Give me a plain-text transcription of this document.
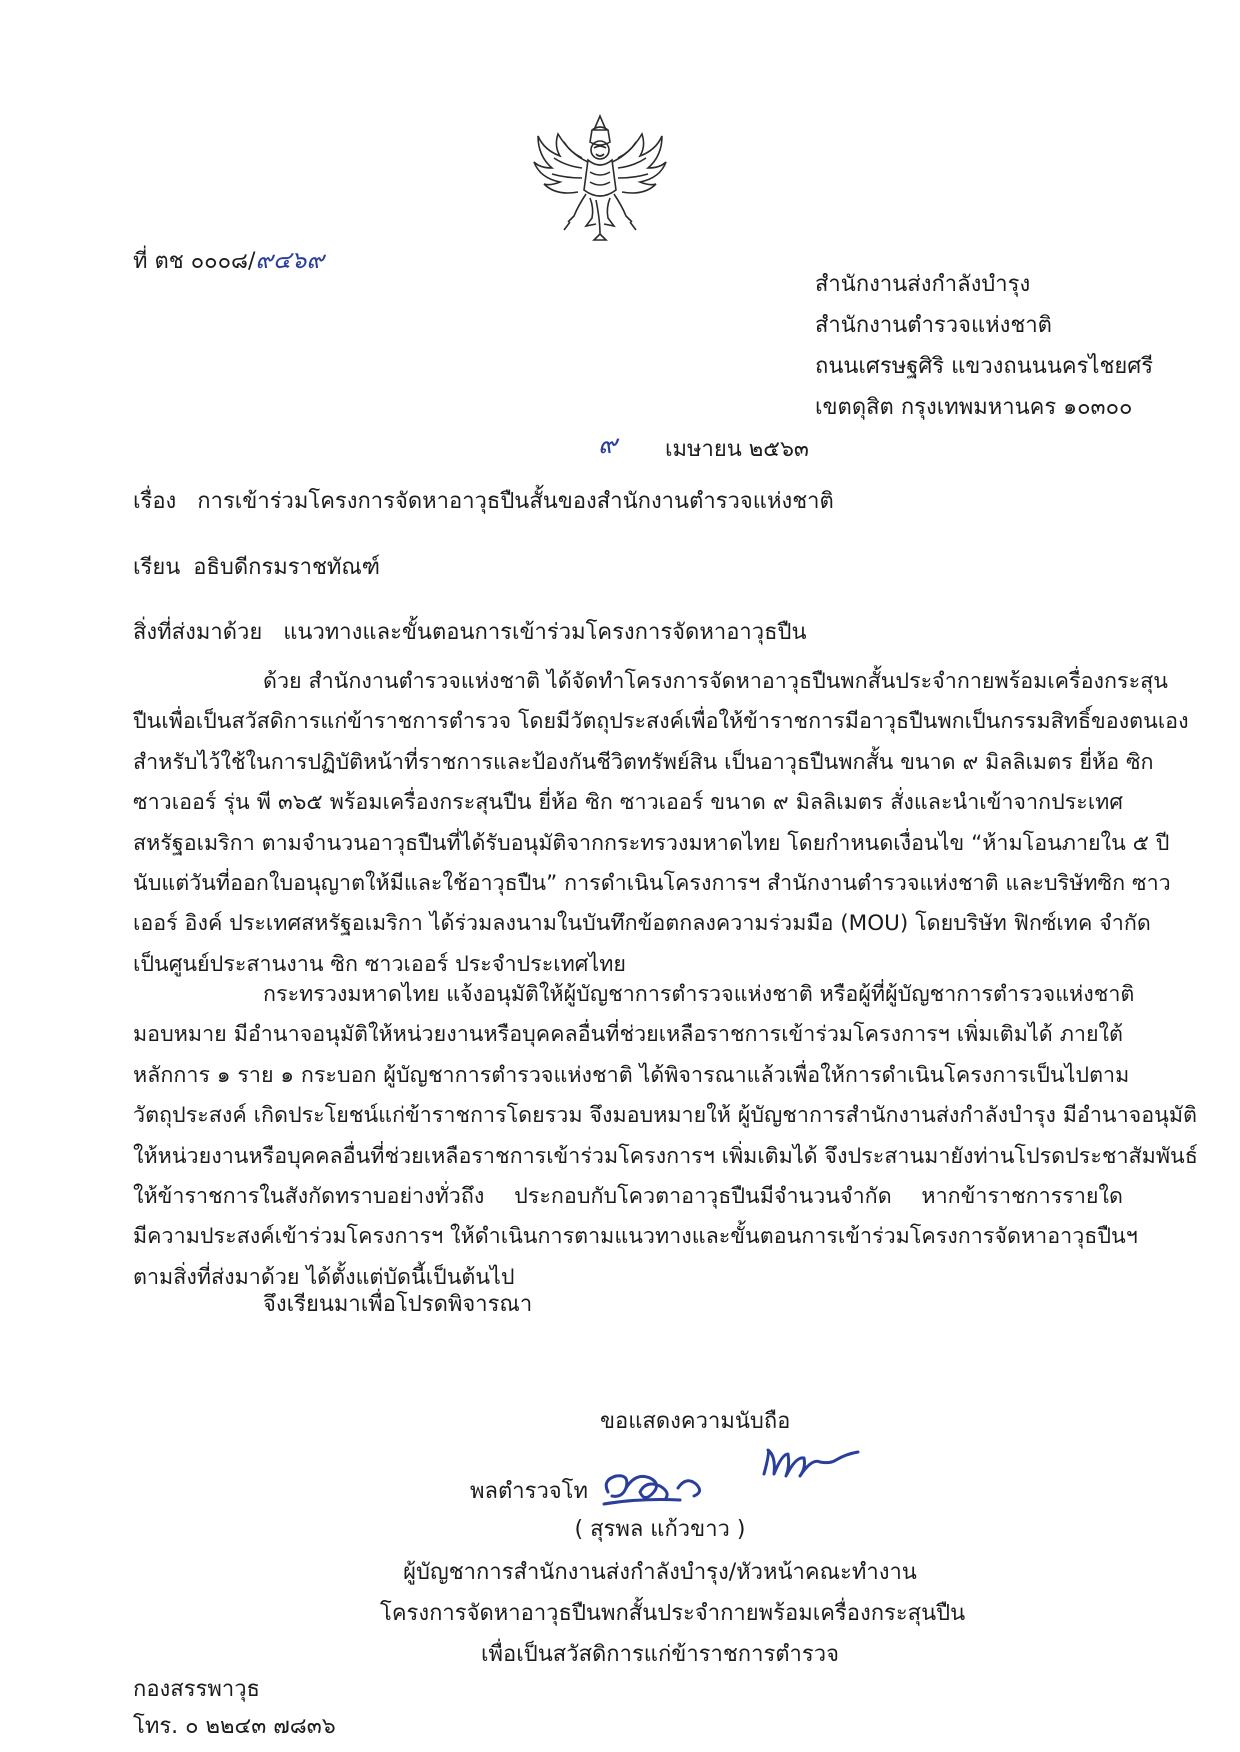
ที่ ตช ๐๐๐๘/๙๔๖๙
สำนักงานส่งกำลังบำรุง
สำนักงานตำรวจแห่งชาติ
ถนนเศรษฐศิริ แขวงถนนนครไชยศรี
เขตดุสิต กรุงเทพมหานคร ๑๐๓๐๐
๙ เมษายน ๒๕๖๓
เรื่อง การเข้าร่วมโครงการจัดหาอาวุธปืนสั้นของสำนักงานตำรวจแห่งชาติ
เรียน อธิบดีกรมราชทัณฑ์
สิ่งที่ส่งมาด้วย แนวทางและขั้นตอนการเข้าร่วมโครงการจัดหาอาวุธปืน
ด้วย สำนักงานตำรวจแห่งชาติ ได้จัดทำโครงการจัดหาอาวุธปืนพกสั้นประจำกายพร้อมเครื่องกระสุน
ปืนเพื่อเป็นสวัสดิการแก่ข้าราชการตำรวจ โดยมีวัตถุประสงค์เพื่อให้ข้าราชการมีอาวุธปืนพกเป็นกรรมสิทธิ์ของตนเอง
สำหรับไว้ใช้ในการปฏิบัติหน้าที่ราชการและป้องกันชีวิตทรัพย์สิน เป็นอาวุธปืนพกสั้น ขนาด ๙ มิลลิเมตร ยี่ห้อ ซิก
ซาวเออร์ รุ่น พี ๓๖๕ พร้อมเครื่องกระสุนปืน ยี่ห้อ ซิก ซาวเออร์ ขนาด ๙ มิลลิเมตร สั่งและนำเข้าจากประเทศ
สหรัฐอเมริกา ตามจำนวนอาวุธปืนที่ได้รับอนุมัติจากกระทรวงมหาดไทย โดยกำหนดเงื่อนไข “ห้ามโอนภายใน ๕ ปี
นับแต่วันที่ออกใบอนุญาตให้มีและใช้อาวุธปืน” การดำเนินโครงการฯ สำนักงานตำรวจแห่งชาติ และบริษัทซิก ซาว
เออร์ อิงค์ ประเทศสหรัฐอเมริกา ได้ร่วมลงนามในบันทึกข้อตกลงความร่วมมือ (MOU) โดยบริษัท ฟิกซ์เทค จำกัด
เป็นศูนย์ประสานงาน ซิก ซาวเออร์ ประจำประเทศไทย
กระทรวงมหาดไทย แจ้งอนุมัติให้ผู้บัญชาการตำรวจแห่งชาติ หรือผู้ที่ผู้บัญชาการตำรวจแห่งชาติ
มอบหมาย มีอำนาจอนุมัติให้หน่วยงานหรือบุคคลอื่นที่ช่วยเหลือราชการเข้าร่วมโครงการฯ เพิ่มเติมได้ ภายใต้
หลักการ ๑ ราย ๑ กระบอก ผู้บัญชาการตำรวจแห่งชาติ ได้พิจารณาแล้วเพื่อให้การดำเนินโครงการเป็นไปตาม
วัตถุประสงค์ เกิดประโยชน์แก่ข้าราชการโดยรวม จึงมอบหมายให้ ผู้บัญชาการสำนักงานส่งกำลังบำรุง มีอำนาจอนุมัติ
ให้หน่วยงานหรือบุคคลอื่นที่ช่วยเหลือราชการเข้าร่วมโครงการฯ เพิ่มเติมได้ จึงประสานมายังท่านโปรดประชาสัมพันธ์
ให้ข้าราชการในสังกัดทราบอย่างทั่วถึง ประกอบกับโควตาอาวุธปืนมีจำนวนจำกัด หากข้าราชการรายใด
มีความประสงค์เข้าร่วมโครงการฯ ให้ดำเนินการตามแนวทางและขั้นตอนการเข้าร่วมโครงการจัดหาอาวุธปืนฯ
ตามสิ่งที่ส่งมาด้วย ได้ตั้งแต่บัดนี้เป็นต้นไป
จึงเรียนมาเพื่อโปรดพิจารณา
ขอแสดงความนับถือ
พลตำรวจโท
( สุรพล แก้วขาว )
ผู้บัญชาการสำนักงานส่งกำลังบำรุง/หัวหน้าคณะทำงาน
โครงการจัดหาอาวุธปืนพกสั้นประจำกายพร้อมเครื่องกระสุนปืน
เพื่อเป็นสวัสดิการแก่ข้าราชการตำรวจ
กองสรรพาวุธ
โทร. ๐ ๒๒๔๓ ๗๘๓๖
